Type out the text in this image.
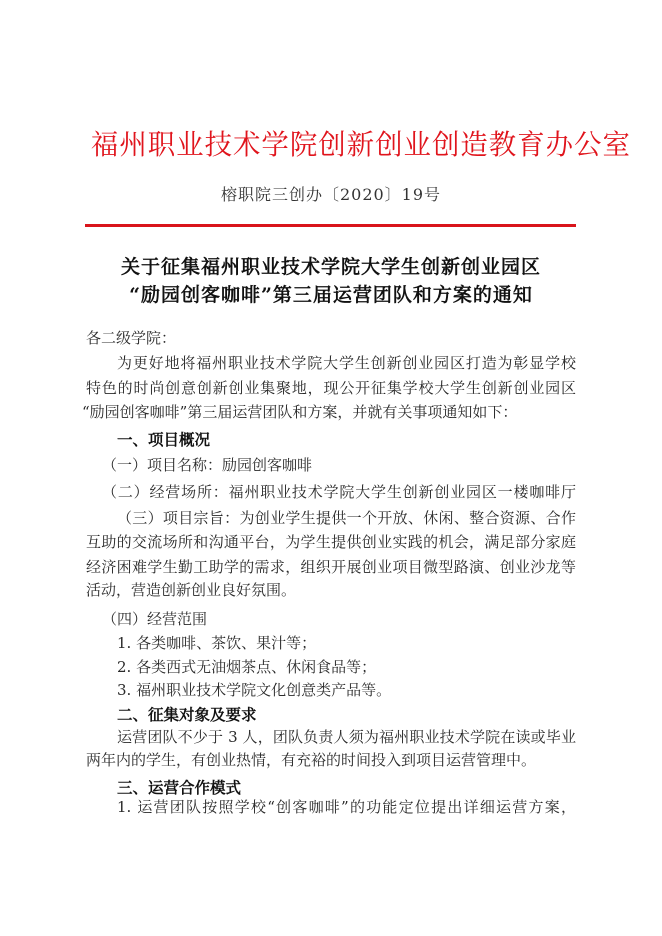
福州职业技术学院创新创业创造教育办公室
榕职院三创办〔2020〕19号
关于征集福州职业技术学院大学生创新创业园区
“励园创客咖啡”第三届运营团队和方案的通知
各二级学院：
为更好地将福州职业技术学院大学生创新创业园区打造为彰显学校
特色的时尚创意创新创业集聚地，现公开征集学校大学生创新创业园区
“励园创客咖啡”第三届运营团队和方案，并就有关事项通知如下：
一、项目概况
（一）项目名称：励园创客咖啡
（二）经营场所：福州职业技术学院大学生创新创业园区一楼咖啡厅
（三）项目宗旨：为创业学生提供一个开放、休闲、整合资源、合作
互助的交流场所和沟通平台，为学生提供创业实践的机会，满足部分家庭
经济困难学生勤工助学的需求，组织开展创业项目微型路演、创业沙龙等
活动，营造创新创业良好氛围。
（四）经营范围
1. 各类咖啡、茶饮、果汁等；
2. 各类西式无油烟茶点、休闲食品等；
3. 福州职业技术学院文化创意类产品等。
二、征集对象及要求
运营团队不少于 3 人，团队负责人须为福州职业技术学院在读或毕业
两年内的学生，有创业热情，有充裕的时间投入到项目运营管理中。
三、运营合作模式
1. 运营团队按照学校“创客咖啡”的功能定位提出详细运营方案，
